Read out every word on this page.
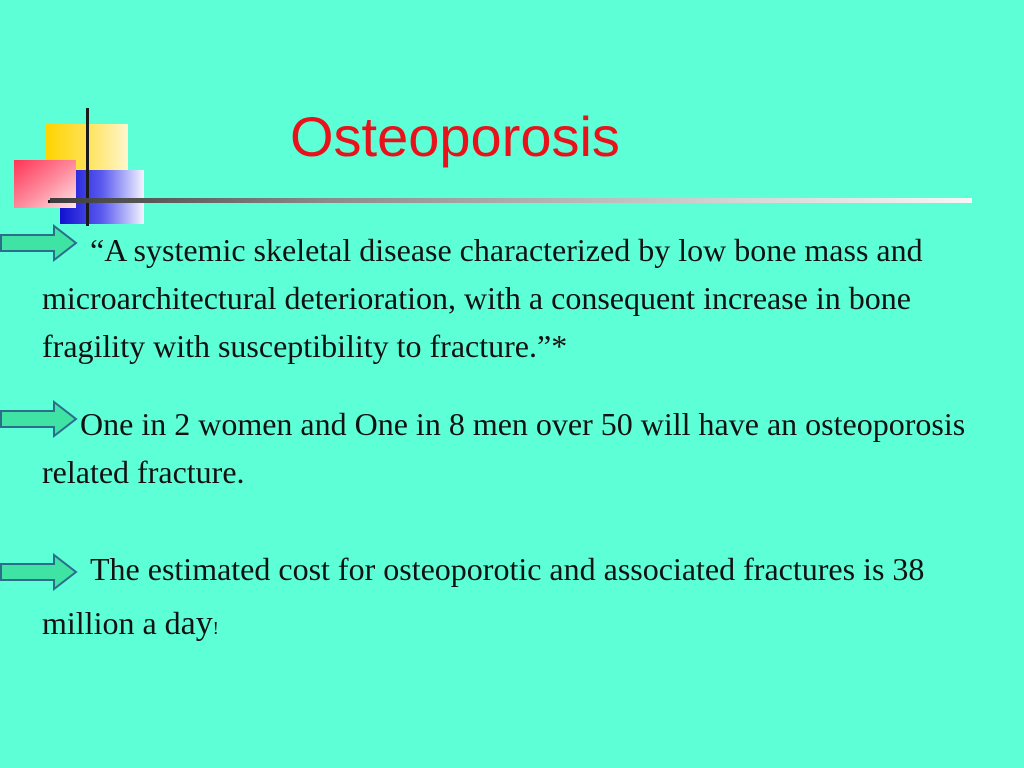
Osteoporosis
“A systemic skeletal disease characterized by low bone mass and microarchitectural deterioration, with a consequent increase in bone fragility with susceptibility to fracture.”*
One in 2 women and One in 8 men over 50 will have an osteoporosis related fracture.
The estimated cost for osteoporotic and associated fractures is 38 million a day!
